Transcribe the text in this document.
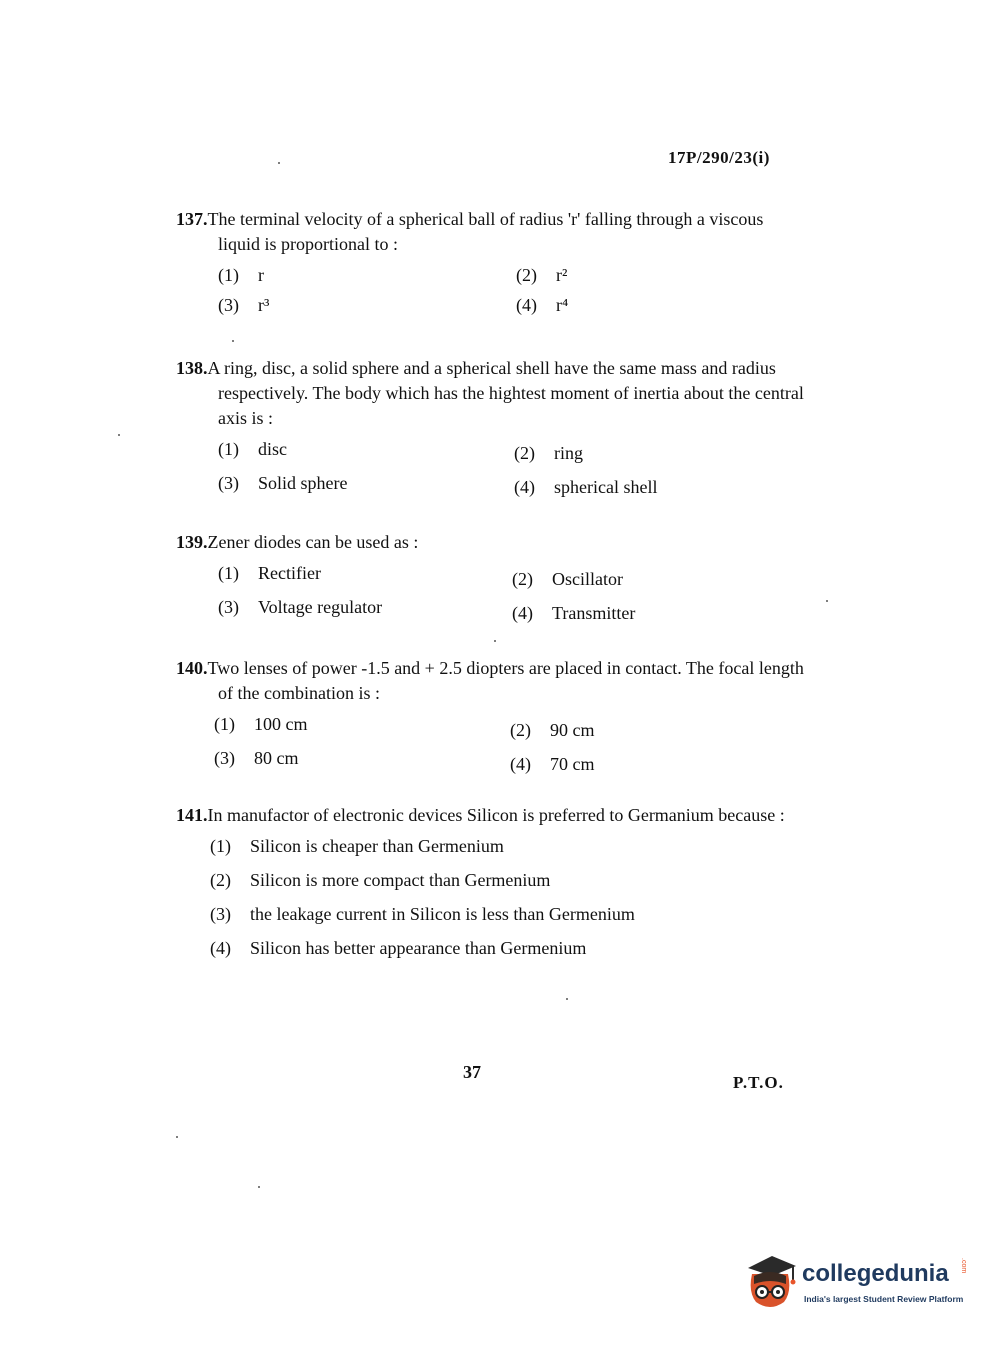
17P/290/23(i)
137.The terminal velocity of a spherical ball of radius 'r' falling through a viscous liquid is proportional to :
(1) r	(2) r²
(3) r³	(4) r⁴
138.A ring, disc, a solid sphere and a spherical shell have the same mass and radius respectively. The body which has the hightest moment of inertia about the central axis is :
(1) disc	(2) ring
(3) Solid sphere	(4) spherical shell
139.Zener diodes can be used as :
(1) Rectifier	(2) Oscillator
(3) Voltage regulator	(4) Transmitter
140.Two lenses of power -1.5 and + 2.5 diopters are placed in contact. The focal length of the combination is :
(1) 100 cm	(2) 90 cm
(3) 80 cm	(4) 70 cm
141.In manufactor of electronic devices Silicon is preferred to Germanium because :
(1) Silicon is cheaper than Germenium
(2) Silicon is more compact than Germenium
(3) the leakage current in Silicon is less than Germenium
(4) Silicon has better appearance than Germenium
37
P.T.O.
collegedunia .com
India's largest Student Review Platform
